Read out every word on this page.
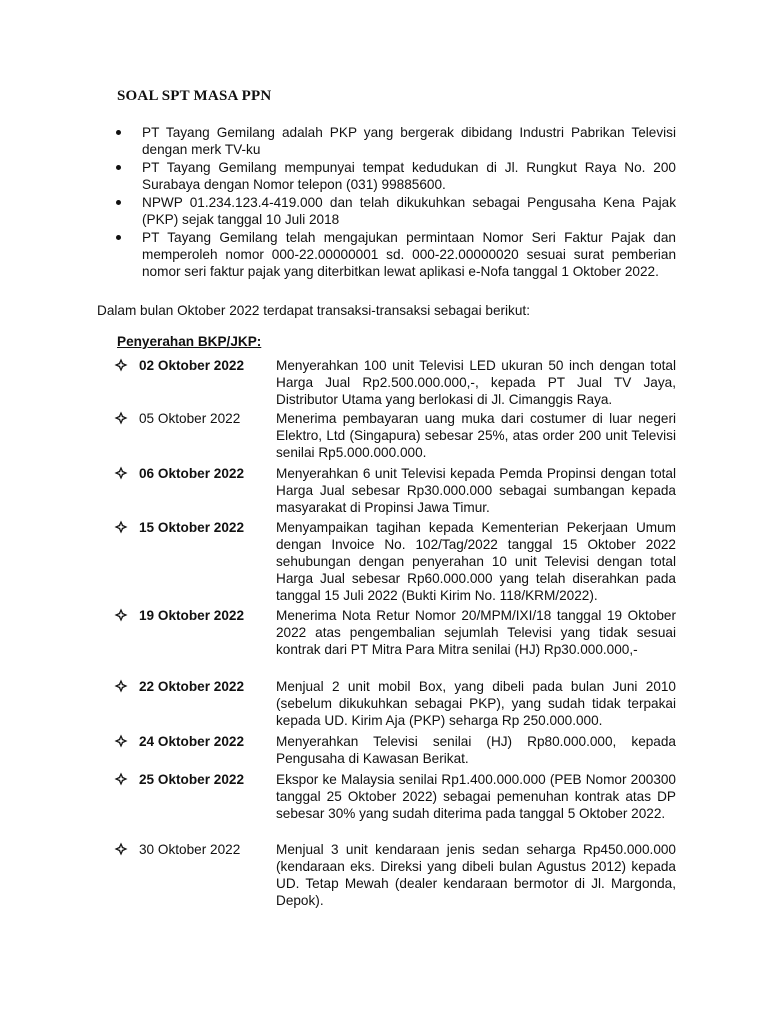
SOAL SPT MASA PPN
PT Tayang Gemilang adalah PKP yang bergerak dibidang Industri Pabrikan Televisi dengan merk TV-ku
PT Tayang Gemilang mempunyai tempat kedudukan di Jl. Rungkut Raya No. 200 Surabaya dengan Nomor telepon (031) 99885600.
NPWP 01.234.123.4-419.000 dan telah dikukuhkan sebagai Pengusaha Kena Pajak (PKP) sejak tanggal 10 Juli 2018
PT Tayang Gemilang telah mengajukan permintaan Nomor Seri Faktur Pajak dan memperoleh nomor 000-22.00000001 sd. 000-22.00000020 sesuai surat pemberian nomor seri faktur pajak yang diterbitkan lewat aplikasi e-Nofa tanggal 1 Oktober 2022.

Dalam bulan Oktober 2022 terdapat transaksi-transaksi sebagai berikut:

Penyerahan BKP/JKP:

02 Oktober 2022 Menyerahkan 100 unit Televisi LED ukuran 50 inch dengan total Harga Jual Rp2.500.000.000,-, kepada PT Jual TV Jaya, Distributor Utama yang berlokasi di Jl. Cimanggis Raya.
05 Oktober 2022	Menerima pembayaran uang muka dari costumer di luar negeri Elektro, Ltd (Singapura) sebesar 25%, atas order 200 unit Televisi senilai Rp5.000.000.000.
06 Oktober 2022 Menyerahkan 6 unit Televisi kepada Pemda Propinsi dengan total Harga Jual sebesar Rp30.000.000 sebagai sumbangan kepada masyarakat di Propinsi Jawa Timur.
15 Oktober 2022 Menyampaikan tagihan kepada Kementerian Pekerjaan Umum dengan Invoice No. 102/Tag/2022 tanggal 15 Oktober 2022 sehubungan dengan penyerahan 10 unit Televisi dengan total Harga Jual sebesar Rp60.000.000 yang telah diserahkan pada tanggal 15 Juli 2022 (Bukti Kirim No. 118/KRM/2022).
19 Oktober 2022 Menerima Nota Retur Nomor 20/MPM/IXI/18 tanggal 19 Oktober 2022 atas pengembalian sejumlah Televisi yang tidak sesuai kontrak dari PT Mitra Para Mitra senilai (HJ) Rp30.000.000,-
22 Oktober 2022 Menjual 2 unit mobil Box, yang dibeli pada bulan Juni 2010 (sebelum dikukuhkan sebagai PKP), yang sudah tidak terpakai kepada UD. Kirim Aja (PKP) seharga Rp 250.000.000.
24 Oktober 2022 Menyerahkan Televisi senilai (HJ) Rp80.000.000, kepada Pengusaha di Kawasan Berikat.
25 Oktober 2022 Ekspor ke Malaysia senilai Rp1.400.000.000 (PEB Nomor 200300 tanggal 25 Oktober 2022) sebagai pemenuhan kontrak atas DP sebesar 30% yang sudah diterima pada tanggal 5 Oktober 2022.
30 Oktober 2022	Menjual 3 unit kendaraan jenis sedan seharga Rp450.000.000 (kendaraan eks. Direksi yang dibeli bulan Agustus 2012) kepada UD. Tetap Mewah (dealer kendaraan bermotor di Jl. Margonda, Depok).
